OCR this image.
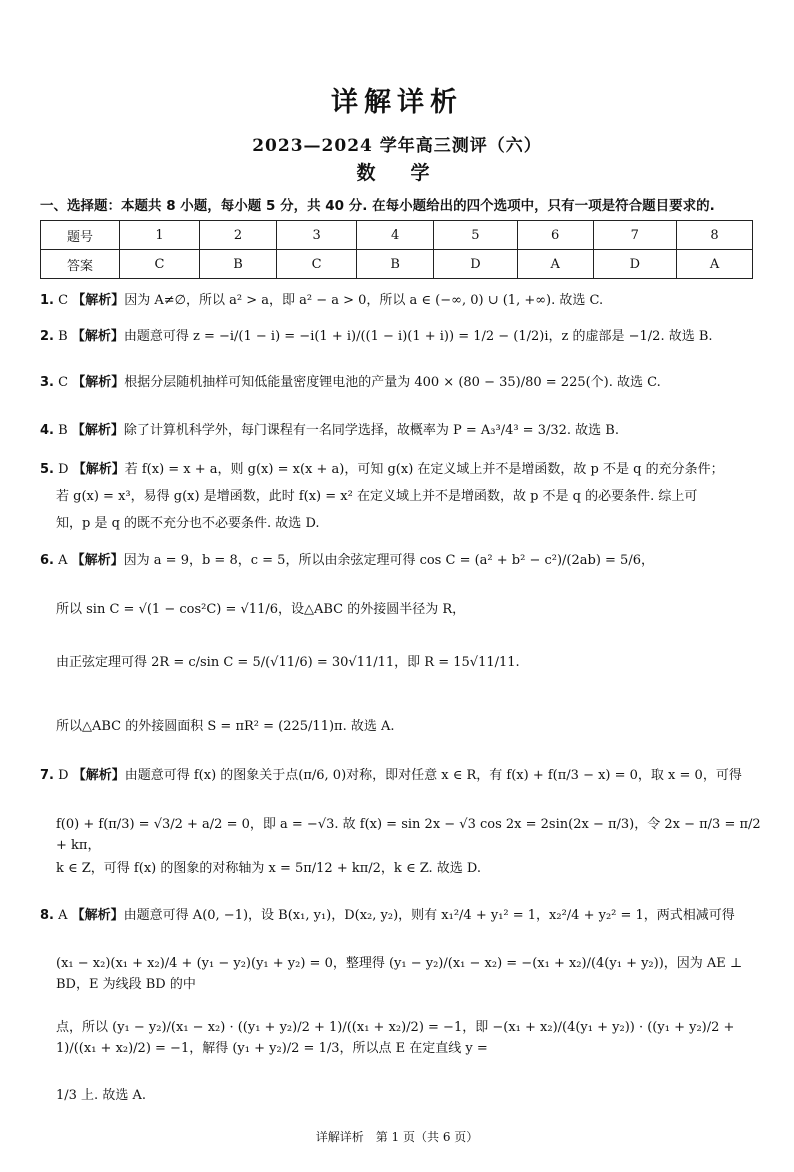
详解详析
2023—2024 学年高三测评（六）
数　学
一、选择题：本题共 8 小题，每小题 5 分，共 40 分. 在每小题给出的四个选项中，只有一项是符合题目要求的.
题号	1	2	3	4	5	6	7	8
答案	C	B	C	B	D	A	D	A
1. C 【解析】因为 A≠∅，所以 a² > a，即 a² − a > 0，所以 a ∈ (−∞, 0) ∪ (1, +∞). 故选 C.
2. B 【解析】由题意可得 z = −i/(1 − i) = −i(1 + i)/((1 − i)(1 + i)) = 1/2 − (1/2)i，z 的虚部是 −1/2. 故选 B.
3. C 【解析】根据分层随机抽样可知低能量密度锂电池的产量为 400 × (80 − 35)/80 = 225(个). 故选 C.
4. B 【解析】除了计算机科学外，每门课程有一名同学选择，故概率为 P = A₃³/4³ = 3/32. 故选 B.
5. D 【解析】若 f(x) = x + a，则 g(x) = x(x + a)，可知 g(x) 在定义域上并不是增函数，故 p 不是 q 的充分条件；
若 g(x) = x³，易得 g(x) 是增函数，此时 f(x) = x² 在定义域上并不是增函数，故 p 不是 q 的必要条件. 综上可
知，p 是 q 的既不充分也不必要条件. 故选 D.
6. A 【解析】因为 a = 9，b = 8，c = 5，所以由余弦定理可得 cos C = (a² + b² − c²)/(2ab) = 5/6，
所以 sin C = √(1 − cos²C) = √11/6，设△ABC 的外接圆半径为 R，
由正弦定理可得 2R = c/sin C = 5/(√11/6) = 30√11/11，即 R = 15√11/11.
所以△ABC 的外接圆面积 S = πR² = (225/11)π. 故选 A.
7. D 【解析】由题意可得 f(x) 的图象关于点(π/6, 0)对称，即对任意 x ∈ R，有 f(x) + f(π/3 − x) = 0，取 x = 0，可得
f(0) + f(π/3) = √3/2 + a/2 = 0，即 a = −√3. 故 f(x) = sin 2x − √3 cos 2x = 2sin(2x − π/3)，令 2x − π/3 = π/2 + kπ，
k ∈ Z，可得 f(x) 的图象的对称轴为 x = 5π/12 + kπ/2，k ∈ Z. 故选 D.
8. A 【解析】由题意可得 A(0, −1)，设 B(x₁, y₁)，D(x₂, y₂)，则有 x₁²/4 + y₁² = 1，x₂²/4 + y₂² = 1，两式相减可得
(x₁ − x₂)(x₁ + x₂)/4 + (y₁ − y₂)(y₁ + y₂) = 0，整理得 (y₁ − y₂)/(x₁ − x₂) = −(x₁ + x₂)/(4(y₁ + y₂))，因为 AE ⊥ BD，E 为线段 BD 的中
点，所以 (y₁ − y₂)/(x₁ − x₂) · ((y₁ + y₂)/2 + 1)/((x₁ + x₂)/2) = −1，即 −(x₁ + x₂)/(4(y₁ + y₂)) · ((y₁ + y₂)/2 + 1)/((x₁ + x₂)/2) = −1，解得 (y₁ + y₂)/2 = 1/3，所以点 E 在定直线 y =
1/3 上. 故选 A.
详解详析　第 1 页（共 6 页）
